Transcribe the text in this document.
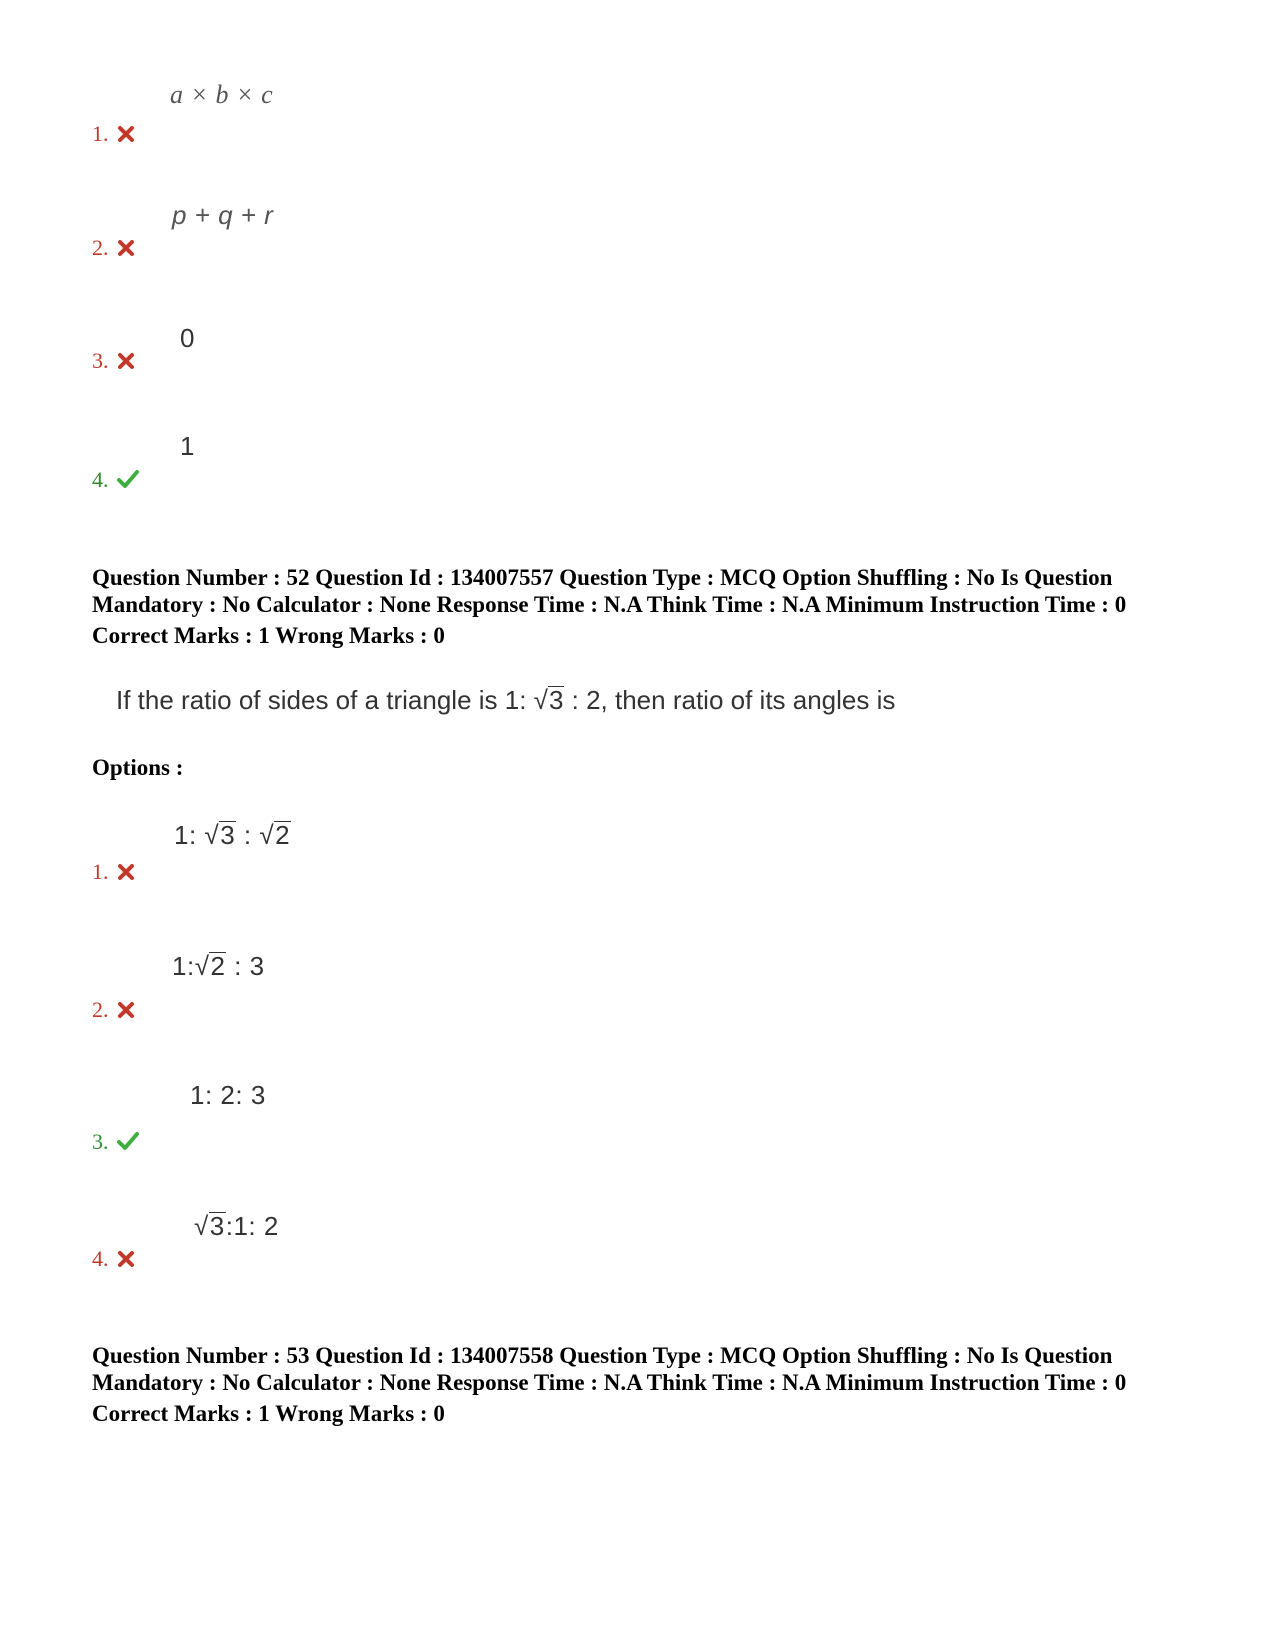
a × b × c
1.
p + q + r
2.
0
3.
1
4.
Question Number : 52 Question Id : 134007557 Question Type : MCQ Option Shuffling : No Is Question
Mandatory : No Calculator : None Response Time : N.A Think Time : N.A Minimum Instruction Time : 0
Correct Marks : 1 Wrong Marks : 0
If the ratio of sides of a triangle is 1: √3 : 2, then ratio of its angles is
Options :
1: √3 : √2
1.
1:√2 : 3
2.
1: 2: 3
3.
√3:1: 2
4.
Question Number : 53 Question Id : 134007558 Question Type : MCQ Option Shuffling : No Is Question
Mandatory : No Calculator : None Response Time : N.A Think Time : N.A Minimum Instruction Time : 0
Correct Marks : 1 Wrong Marks : 0
